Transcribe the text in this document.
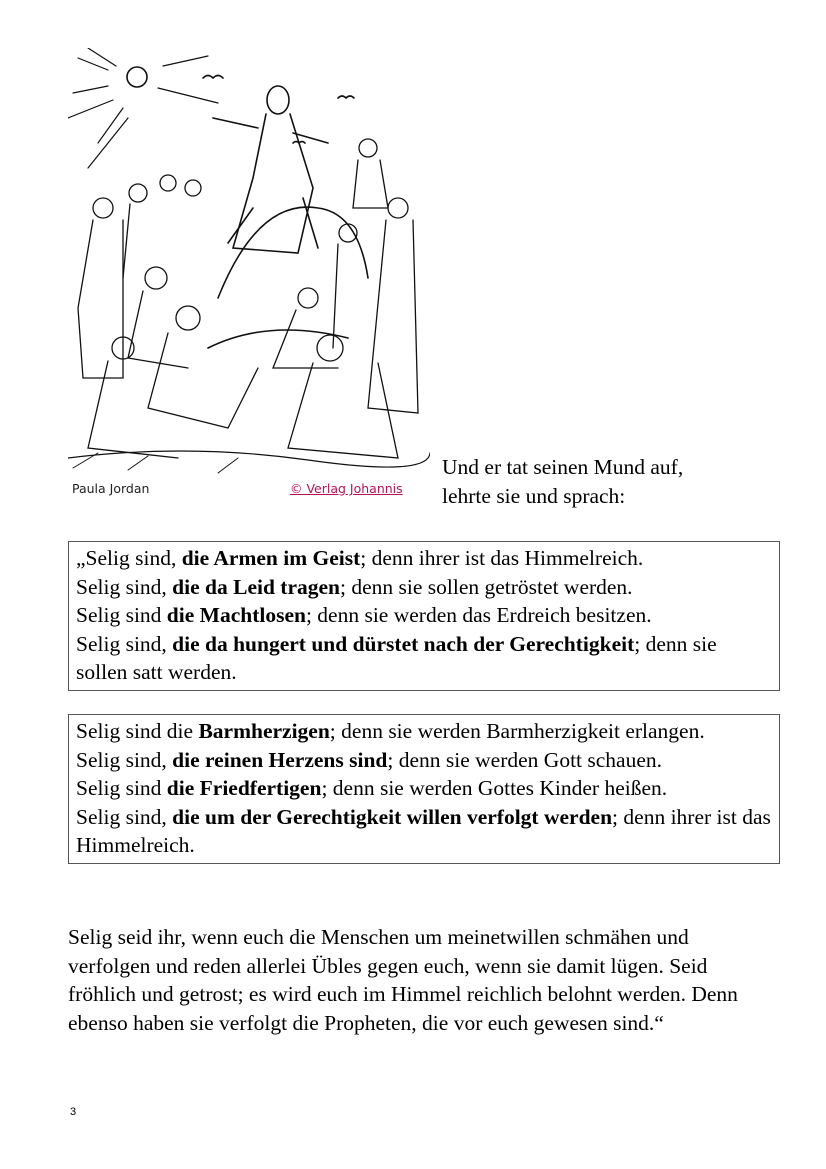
Paula Jordan	© Verlag Johannis
Und er tat seinen Mund auf,
lehrte sie und sprach:

„Selig sind, die Armen im Geist; denn ihrer ist das Himmelreich.

Selig sind, die da Leid tragen; denn sie sollen getröstet werden.

Selig sind die Machtlosen; denn sie werden das Erdreich besitzen.

Selig sind, die da hungert und dürstet nach der Gerechtigkeit; denn sie sollen satt werden.

Selig sind die Barmherzigen; denn sie werden Barmherzigkeit erlangen.

Selig sind, die reinen Herzens sind; denn sie werden Gott schauen.

Selig sind die Friedfertigen; denn sie werden Gottes Kinder heißen.

Selig sind, die um der Gerechtigkeit willen verfolgt werden; denn ihrer ist das Himmelreich.

Selig seid ihr, wenn euch die Menschen um meinetwillen schmähen und verfolgen und reden allerlei Übles gegen euch, wenn sie damit lügen. Seid fröhlich und getrost; es wird euch im Himmel reichlich belohnt werden. Denn ebenso haben sie verfolgt die Propheten, die vor euch gewesen sind.“

3
